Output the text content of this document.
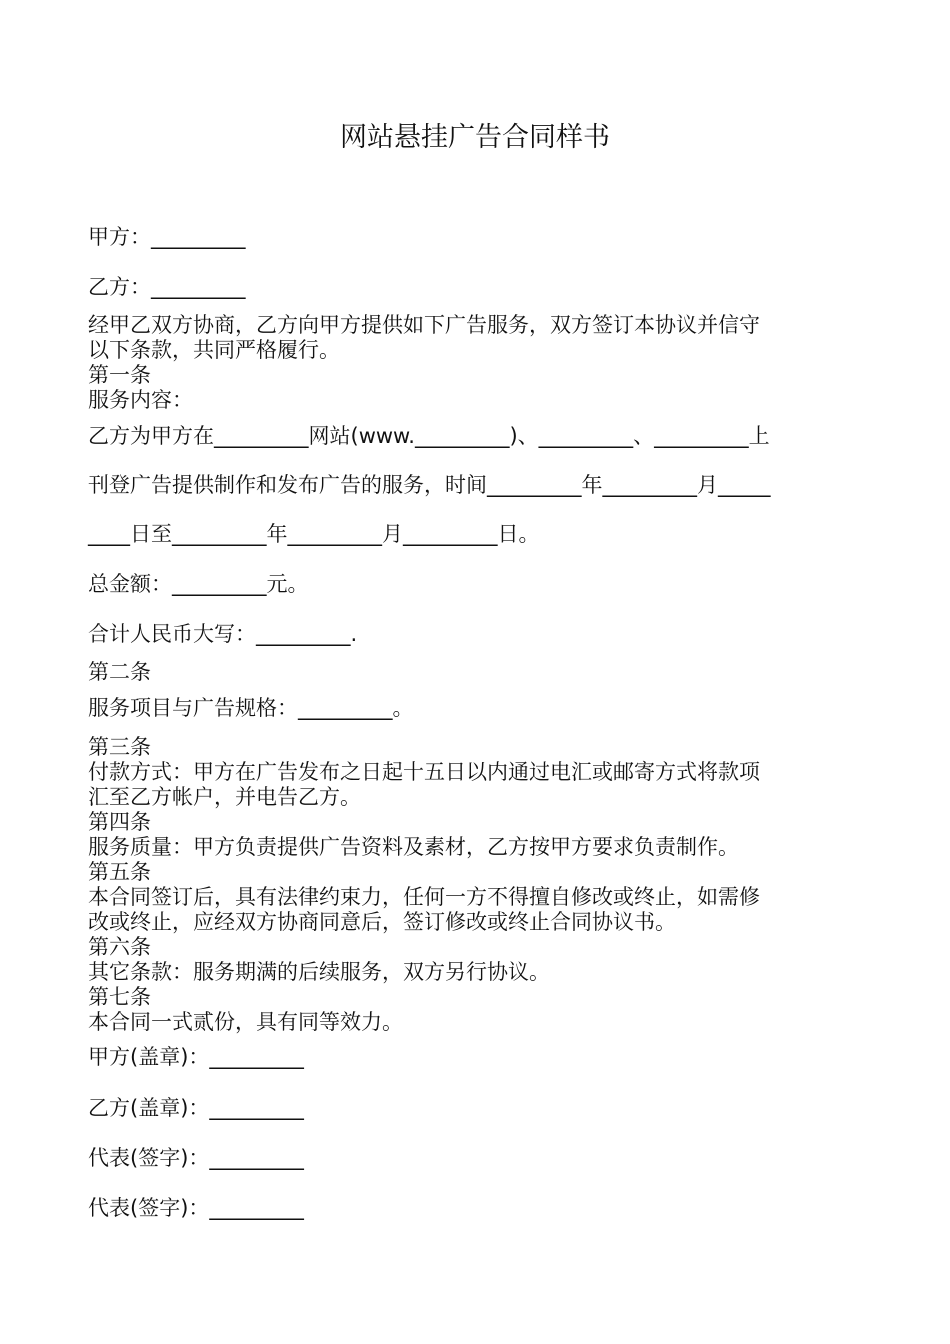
网站悬挂广告合同样书
甲方：_________
乙方：_________
经甲乙双方协商，乙方向甲方提供如下广告服务，双方签订本协议并信守
以下条款，共同严格履行。
第一条
服务内容：
乙方为甲方在_________网站(www._________)、_________、_________上
刊登广告提供制作和发布广告的服务，时间_________年_________月_____
____日至_________年_________月_________日。
总金额：_________元。
合计人民币大写：_________.
第二条
服务项目与广告规格：_________。
第三条
付款方式：甲方在广告发布之日起十五日以内通过电汇或邮寄方式将款项
汇至乙方帐户，并电告乙方。
第四条
服务质量：甲方负责提供广告资料及素材，乙方按甲方要求负责制作。
第五条
本合同签订后，具有法律约束力，任何一方不得擅自修改或终止，如需修
改或终止，应经双方协商同意后，签订修改或终止合同协议书。
第六条
其它条款：服务期满的后续服务，双方另行协议。
第七条
本合同一式贰份，具有同等效力。
甲方(盖章)：_________
乙方(盖章)：_________
代表(签字)：_________
代表(签字)：_________
